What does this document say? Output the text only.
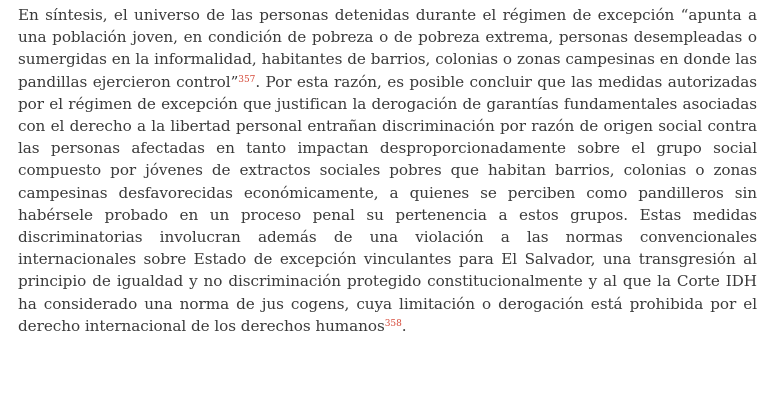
En síntesis, el universo de las personas detenidas durante el régimen de excepción “apunta a una población joven, en condición de pobreza o de pobreza extrema, personas desempleadas o sumergidas en la informalidad, habitantes de barrios, colonias o zonas campesinas en donde las pandillas ejercieron control”$^{357}$. Por esta razón, es posible concluir que las medidas autorizadas por el régimen de excepción que justifican la derogación de garantías fundamentales asociadas con el derecho a la libertad personal entrañan discriminación por razón de origen social contra las personas afectadas en tanto impactan desproporcionadamente sobre el grupo social compuesto por jóvenes de extractos sociales pobres que habitan barrios, colonias o zonas campesinas desfavorecidas económicamente, a quienes se perciben como pandilleros sin habérsele probado en un proceso penal su pertenencia a estos grupos. Estas medidas discriminatorias involucran además de una violación a las normas convencionales internacionales sobre Estado de excepción vinculantes para El Salvador, una transgresión al principio de igualdad y no discriminación protegido constitucionalmente y al que la Corte IDH ha considerado una norma de jus cogens, cuya limitación o derogación está prohibida por el derecho internacional de los derechos humanos$^{358}$.
